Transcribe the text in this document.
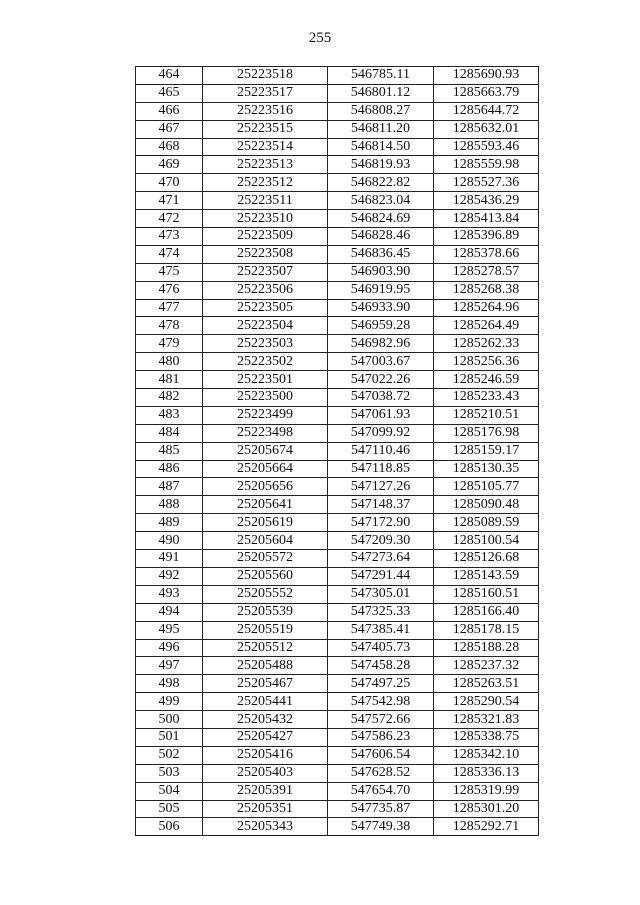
255
464	25223518	546785.11	1285690.93
465	25223517	546801.12	1285663.79
466	25223516	546808.27	1285644.72
467	25223515	546811.20	1285632.01
468	25223514	546814.50	1285593.46
469	25223513	546819.93	1285559.98
470	25223512	546822.82	1285527.36
471	25223511	546823.04	1285436.29
472	25223510	546824.69	1285413.84
473	25223509	546828.46	1285396.89
474	25223508	546836.45	1285378.66
475	25223507	546903.90	1285278.57
476	25223506	546919.95	1285268.38
477	25223505	546933.90	1285264.96
478	25223504	546959.28	1285264.49
479	25223503	546982.96	1285262.33
480	25223502	547003.67	1285256.36
481	25223501	547022.26	1285246.59
482	25223500	547038.72	1285233.43
483	25223499	547061.93	1285210.51
484	25223498	547099.92	1285176.98
485	25205674	547110.46	1285159.17
486	25205664	547118.85	1285130.35
487	25205656	547127.26	1285105.77
488	25205641	547148.37	1285090.48
489	25205619	547172.90	1285089.59
490	25205604	547209.30	1285100.54
491	25205572	547273.64	1285126.68
492	25205560	547291.44	1285143.59
493	25205552	547305.01	1285160.51
494	25205539	547325.33	1285166.40
495	25205519	547385.41	1285178.15
496	25205512	547405.73	1285188.28
497	25205488	547458.28	1285237.32
498	25205467	547497.25	1285263.51
499	25205441	547542.98	1285290.54
500	25205432	547572.66	1285321.83
501	25205427	547586.23	1285338.75
502	25205416	547606.54	1285342.10
503	25205403	547628.52	1285336.13
504	25205391	547654.70	1285319.99
505	25205351	547735.87	1285301.20
506	25205343	547749.38	1285292.71
